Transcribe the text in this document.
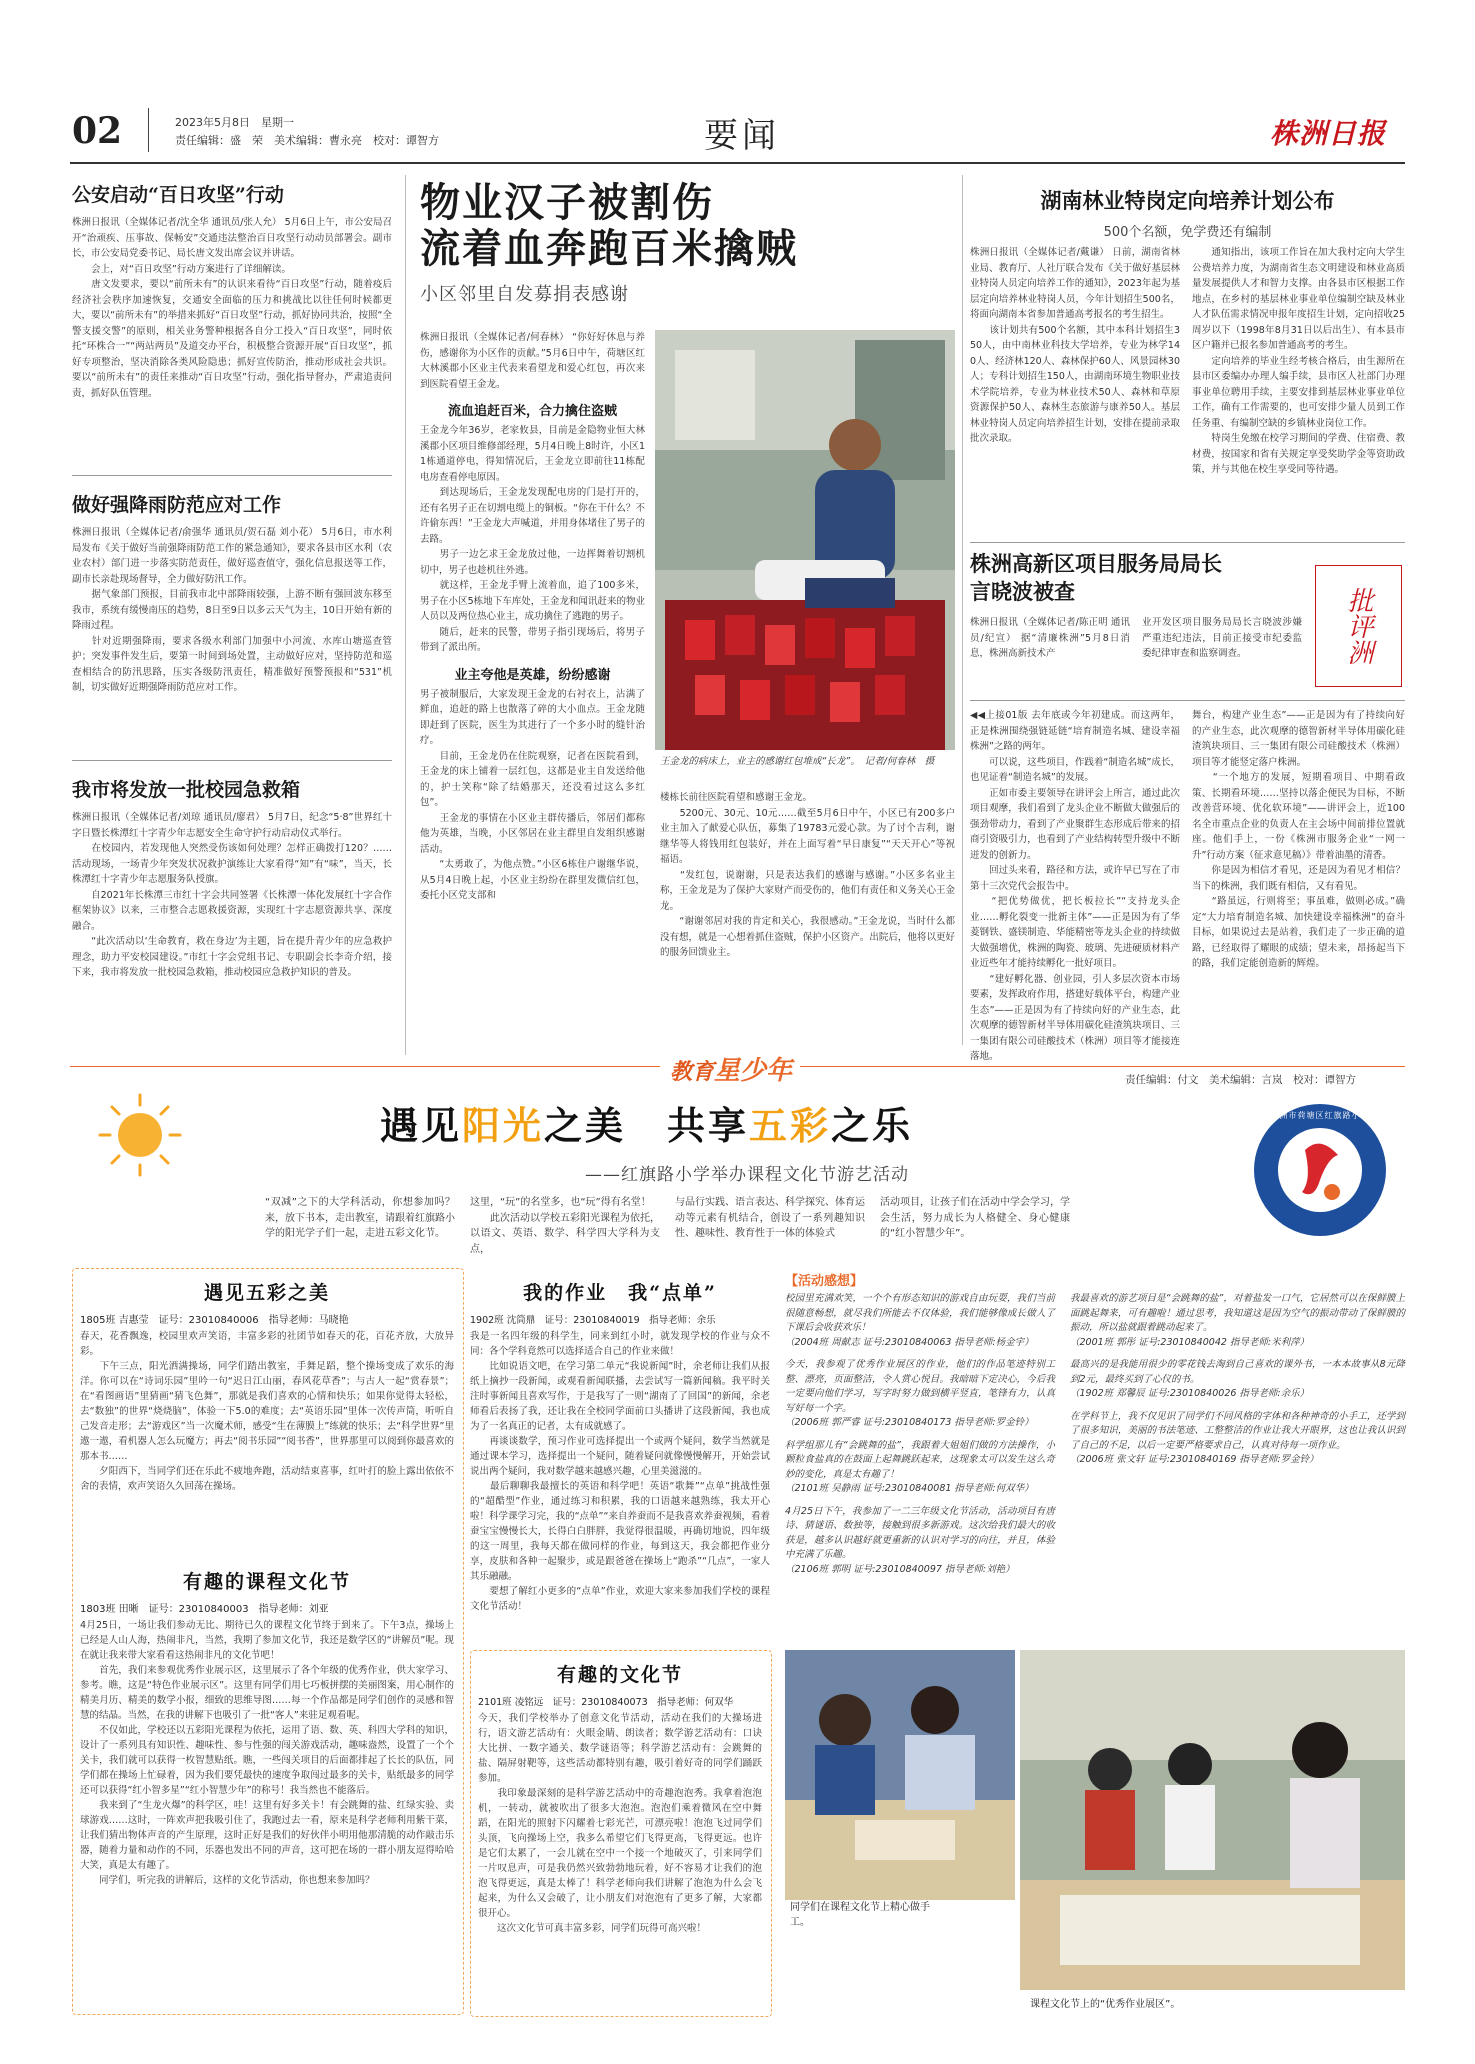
02	2023年5月8日　星期一
责任编辑：盛　荣　美术编辑：曹永亮　校对：谭智方	要闻	株洲日报
公安启动“百日攻坚”行动
株洲日报讯（全媒体记者/沈全华 通讯员/张人允） 5月6日上午，市公安局召开“治顽疾、压事故、保畅安”交通违法整治百日攻坚行动动员部署会。副市长，市公安局党委书记、局长唐文发出席会议并讲话。
　　会上，对“百日攻坚”行动方案进行了详细解读。
　　唐文发要求，要以“前所未有”的认识来看待“百日攻坚”行动，随着疫后经济社会秩序加速恢复，交通安全面临的压力和挑战比以往任何时候都更大，要以“前所未有”的举措来抓好“百日攻坚”行动，抓好协同共治，按照“全警支援交警”的原则，相关业务警种根据各自分工投入“百日攻坚”，同时依托“环株合一”“两站两员”及道交办平台，积极整合资源开展“百日攻坚”，抓好专项整治，坚决消除各类风险隐患；抓好宣传防治，推动形成社会共识。要以“前所未有”的责任来推动“百日攻坚”行动，强化指导督办，严肃追责问责，抓好队伍管理。
做好强降雨防范应对工作
株洲日报讯（全媒体记者/俞强华 通讯员/贺石磊 刘小花） 5月6日，市水利局发布《关于做好当前强降雨防范工作的紧急通知》，要求各县市区水利（农业农村）部门进一步落实防范责任，做好巡查值守，强化信息报送等工作，副市长亲赴现场督导，全力做好防汛工作。
　　据气象部门预报，目前我市北中部降雨较强，上游不断有强回波东移至我市，系统有缓慢南压的趋势，8日至9日以多云天气为主，10日开始有新的降雨过程。
　　针对近期强降雨，要求各级水利部门加强中小河流、水库山塘巡查管护；突发事件发生后，要第一时间到场处置，主动做好应对，坚持防范和巡查相结合的防汛思路，压实各级防汛责任，精准做好预警预报和“531”机制，切实做好近期强降雨防范应对工作。
我市将发放一批校园急救箱
株洲日报讯（全媒体记者/刘琼 通讯员/廖君） 5月7日，纪念“5·8”世界红十字日暨长株潭红十字青少年志愿安全生命守护行动启动仪式举行。
　　在校园内，若发现他人突然受伤该如何处理？怎样正确拨打120？……活动现场，一场青少年突发状况救护演练让大家看得“知”有“味”，当天，长株潭红十字青少年志愿服务队授旗。
　　自2021年长株潭三市红十字会共同签署《长株潭一体化发展红十字合作框架协议》以来，三市整合志愿救援资源，实现红十字志愿资源共享、深度融合。
　　“此次活动以‘生命教育，救在身边’为主题，旨在提升青少年的应急救护理念，助力平安校园建设。”市红十字会党组书记、专职副会长李奇介绍，接下来，我市将发放一批校园急救箱，推动校园应急救护知识的普及。
物业汉子被割伤
流着血奔跑百米擒贼
小区邻里自发募捐表感谢
株洲日报讯（全媒体记者/何春林） “你好好休息与养伤，感谢你为小区作的贡献。”5月6日中午，荷塘区红大林溪郡小区业主代表来看望龙和爱心红包，再次来到医院看望王金龙。
流血追赶百米，合力擒住盗贼
王金龙今年36岁，老家攸县，目前是金隐物业恒大林溪郡小区项目维修部经理，5月4日晚上8时许，小区11栋通道停电，得知情况后，王金龙立即前往11栋配电房查看停电原因。
　　到达现场后，王金龙发现配电房的门是打开的，还有名男子正在切割电缆上的铜板。“你在干什么？不许偷东西！”王金龙大声喊道，并用身体堵住了男子的去路。
　　男子一边乞求王金龙放过他，一边挥舞着切割机切中，男子也趁机往外逃。
　　就这样，王金龙手臂上流着血，追了100多米，男子在小区5栋地下车库处，王金龙和闻讯赶来的物业人员以及两位热心业主，成功擒住了逃跑的男子。
　　随后，赶来的民警，带男子指引现场后，将男子带到了派出所。
业主夸他是英雄，纷纷感谢
男子被制服后，大家发现王金龙的右衬衣上，沾满了鲜血，追赶的路上也散落了碎的大小血点。王金龙随即赶到了医院，医生为其进行了一个多小时的缝针治疗。
　　目前，王金龙仍在住院观察，记者在医院看到，王金龙的床上铺着一层红包，这都是业主自发送给他的，护士笑称“除了结婚那天，还没看过这么多红包”。
　　王金龙的事情在小区业主群传播后，邻居们都称他为英雄，当晚，小区邻居在业主群里自发组织感谢活动。
　　“太勇敢了，为他点赞。”小区6栋住户谢继华说，从5月4日晚上起，小区业主纷纷在群里发微信红包，委托小区党支部和
王金龙的病床上，业主的感谢红包堆成“长龙”。　记者/何春林　摄
楼栋长前往医院看望和感谢王金龙。
　　5200元、30元、10元……截至5月6日中午，小区已有200多户业主加入了献爱心队伍，募集了19783元爱心款。为了讨个吉利，谢继华等人将钱用红包装好，并在上面写着“早日康复”“天天开心”等祝福语。
　　“发红包，说谢谢，只是表达我们的感谢与感谢。”小区多名业主称，王金龙是为了保护大家财产而受伤的，他们有责任和义务关心王金龙。
　　“谢谢邻居对我的肯定和关心，我很感动。”王金龙说，当时什么都没有想，就是一心想着抓住盗贼，保护小区资产。出院后，他将以更好的服务回馈业主。
湖南林业特岗定向培养计划公布
500个名额，免学费还有编制
株洲日报讯（全媒体记者/戴谦） 日前，湖南省林业局、教育厅、人社厅联合发布《关于做好基层林业特岗人员定向培养工作的通知》，2023年起为基层定向培养林业特岗人员，今年计划招生500名，将面向湖南本省参加普通高考报名的考生招生。
　　该计划共有500个名额，其中本科计划招生350人，由中南林业科技大学培养，专业为林学140人、经济林120人、森林保护60人、风景园林30人；专科计划招生150人，由湖南环境生物职业技术学院培养，专业为林业技术50人、森林和草原资源保护50人、森林生态旅游与康养50人。基层林业特岗人员定向培养招生计划，安排在提前录取批次录取。
　　通知指出，该项工作旨在加大我村定向大学生公费培养力度，为湖南省生态文明建设和林业高质量发展提供人才和智力支撑。由各县市区根据工作地点，在乡村的基层林业事业单位编制空缺及林业人才队伍需求情况申报年度招生计划，定向招收25周岁以下（1998年8月31日以后出生）、有本县市区户籍并已报名参加普通高考的考生。
　　定向培养的毕业生经考核合格后，由生源所在县市区委编办办理人编手续，县市区人社部门办理事业单位聘用手续，主要安排到基层林业事业单位工作，确有工作需要的，也可安排少量人员到工作任务重、有编制空缺的乡镇林业岗位工作。
　　特岗生免缴在校学习期间的学费、住宿费、教材费，按国家和省有关规定享受奖助学金等资助政策，并与其他在校生享受同等待遇。
株洲高新区项目服务局局长
言晓波被查
株洲日报讯（全媒体记者/陈正明 通讯员/纪宣） 据“清廉株洲”5月8日消息，株洲高新技术产
业开发区项目服务局局长言晓波涉嫌严重违纪违法，目前正接受市纪委监委纪律审查和监察调查。	批评洲
◀◀上接01版 去年底或今年初建成。而这两年，正是株洲围绕强链延链“培育制造名城、建设幸福株洲”之路的两年。
　　可以说，这些项目，作践着“制造名城”成长，也见证着“制造名城”的发展。
　　正如市委主要领导在讲评会上所言，通过此次项目观摩，我们看到了龙头企业不断做大做强后的强劲带动力，看到了产业聚群生态形成后带来的招商引资吸引力，也看到了产业结构转型升级中不断迸发的创新力。
　　回过头来看，路径和方法，或许早已写在了市第十三次党代会报告中。
　　“把优势做优，把长板拉长”“支持龙头企业……孵化裂变一批新主体”——正是因为有了华菱钢铁、盛镁制造、华能精密等龙头企业的持续做大做强增优，株洲的陶瓷、玻璃、先进硬质材料产业近些年才能持续孵化一批好项目。
　　“建好孵化器、创业园，引人多层次资本市场要素，发挥政府作用，搭建好载体平台，构建产业生态”——正是因为有了持续向好的产业生态，此次观摩的德智新材半导体用碳化硅渣筑块项目、三一集团有限公司硅酸技术（株洲）项目等才能接连落地。
舞台，构建产业生态”——正是因为有了持续向好的产业生态，此次观摩的德智新材半导体用碳化硅渣筑块项目、三一集团有限公司硅酸技术（株洲）项目等才能竖定落户株洲。
　　“一个地方的发展，短期看项目、中期看政策、长期看环境……坚持以落企便民为目标，不断改善营环境、优化软环境”——讲评会上，近100名全市重点企业的负责人在主会场中间前排位置就座。他们手上，一份《株洲市服务企业“一网一升”行动方案（征求意见稿）》带着油墨的清香。
　　你是因为相信才看见，还是因为看见才相信？当下的株洲，我们既有相信，又有看见。
　　“路虽远，行则将至；事虽难，做则必成。”确定“大力培育制造名城、加快建设幸福株洲”的奋斗目标，如果说过去是站着，我们走了一步正确的道路，已经取得了耀眼的成绩；望未来，昂扬起当下的路，我们定能创造新的辉煌。
教育星少年	责任编辑：付文　美术编辑：言岚　校对：谭智方
遇见阳光之美　共享五彩之乐
——红旗路小学举办课程文化节游艺活动
株洲市荷塘区红旗路小学
“双减”之下的大学科活动，你想参加吗？来，放下书本，走出教室，请跟着红旗路小学的阳光学子们一起，走进五彩文化节。
这里，“玩”的名堂多，也“玩”得有名堂！
　　此次活动以学校五彩阳光课程为依托，以语文、英语、数学、科学四大学科为支点，
与品行实践、语言表达、科学探究、体育运动等元素有机结合，创设了一系列趣知识性、趣味性、教育性于一体的体验式
活动项目，让孩子们在活动中学会学习，学会生活，努力成长为人格健全、身心健康的“红小智慧少年”。
遇见五彩之美
1805班 吉惠莹　证号：23010840006　指导老师：马晓艳
春天，花香飘逸，校园里欢声笑语，丰富多彩的社团节如春天的花，百花齐放，大放异彩。
　　下午三点，阳光洒满操场，同学们踏出教室，手舞足蹈，整个操场变成了欢乐的海洋。你可以在“诗词乐园”里吟一句“迟日江山丽，春风花草香”；与古人一起“赏春景”；在“看图画语”里猜画“猜飞色舞”，那就是我们喜欢的心情和快乐；如果你觉得太轻松，去“数独”的世界“烧烧脑”，体验一下5.0的难度；去“英语乐园”里体一次传声筒，听听自己发音走形；去“游戏区”当一次魔术师，感受“生在薄膜上”练就的快乐；去“科学世界”里遨一遨，看机器人怎么玩魔方；再去“阅书乐园”“阅书香”，世界那里可以阅到你最喜欢的那本书……
　　夕阳西下，当同学们还在乐此不疲地奔跑，活动结束喜事，红叶打的脸上露出依依不舍的表情，欢声笑语久久回荡在操场。
有趣的课程文化节
1803班 田晰　证号：23010840003　指导老师：刘亚
4月25日，一场让我们参动无比、期待已久的课程文化节终于到来了。下午3点，操场上已经是人山人海，热闹非凡，当然，我期了参加文化节，我还是数学区的“讲解员”呢。现在就让我来带大家看看这热闹非凡的文化节吧！
　　首先，我们来参观优秀作业展示区，这里展示了各个年级的优秀作业，供大家学习、参考。瞧，这是“特色作业展示区”。这里有同学们用七巧板拼摆的美丽图案，用心制作的精美月历、精美的数学小报，细致的思维导图……每一个作品都是同学们创作的灵感和智慧的结晶。当然，在我的讲解下也吸引了一批“客人”来驻足观看呢。
　　不仅如此，学校还以五彩阳光课程为依托，运用了语、数、英、科四大学科的知识，设计了一系列具有知识性、趣味性、参与性强的闯关游戏活动，趣味盎然，设置了一个个关卡，我们就可以获得一枚智慧贴纸。瞧，一些闯关项目的后面都排起了长长的队伍，同学们都在操场上忙碌着，因为我们要凭最快的速度争取闯过最多的关卡，贴纸最多的同学还可以获得“红小智多星”“红小智慧少年”的称号！我当然也不能落后。
　　我来到了“生龙火爆”的科学区，哇！这里有好多关卡！有会跳舞的盐、红绿实验、卖球游戏……这时，一阵欢声把我吸引住了，我跑过去一看，原来是科学老师利用紫干菜，让我们猜出物体声音的产生原理，这时正好是我们的好伙伴小明用他那清脆的动作敲击乐器，随着力量和动作的不同，乐器也发出不同的声音，这可把在场的一群小朋友逗得哈哈大笑，真是太有趣了。
　　同学们，听完我的讲解后，这样的文化节活动，你也想来参加吗？
我的作业　我“点单”
1902班 沈筒鼎　证号：23010840019　指导老师：余乐
我是一名四年级的科学生，同来到红小时，就发现学校的作业与众不同：各个学科竟然可以选择适合自己的作业来做！
　　比如说语文吧，在学习第二单元“我说新闻”时，余老师让我们从报纸上摘抄一段新闻，或观看新闻联播，去尝试写一篇新闻稿。我平时关注时事新闻且喜欢写作，于是我写了一则“湖南了了回国”的新闻，余老师看后表扬了我，还让我在全校同学面前口头播讲了这段新闻，我也成为了一名真正的记者，太有成就感了。
　　再谈谈数学，预习作业可选择提出一个或两个疑问，数学当然就是通过课本学习，选择提出一个疑问，随着疑问就像慢慢解开，开始尝试说出两个疑问，我对数学越来越感兴趣，心里美滋滋的。
　　最后聊聊我最擅长的英语和科学吧！英语“歌舞”“点单”挑战性强的“超酷型”作业，通过练习和积累，我的口语越来越熟练，我太开心啦！科学课学习完，我的“点单”“来自养蚕而不是我喜欢养蚕视频，看着蚕宝宝慢慢长大，长得白白胖胖，我觉得很温暖，再确切地说，四年级的这一周里，我每天都在做同样的作业，每到这天，我会都把作业分享，皮肤和各种一起聚步，或是跟爸爸在操场上“跑杀”“几点”，一家人其乐融融。
　　要想了解红小更多的“点单”作业，欢迎大家来参加我们学校的课程文化节活动！
有趣的文化节
2101班 凌铭远　证号：23010840073　指导老师：何双华
今天，我们学校举办了创意文化节活动，活动在我们的大操场进行，语文游艺活动有：火眼金睛、朗读者；数学游艺活动有：口诀大比拼、一数字通关、数学谜语等；科学游艺活动有：会跳舞的盐、隔屏射靶等，这些活动都特别有趣，吸引着好奇的同学们踊跃参加。
　　我印象最深刻的是科学游艺活动中的奇趣泡泡秀。我拿着泡泡机，一转动，就被吹出了很多大泡泡。泡泡们乘着微风在空中舞蹈，在阳光的照射下闪耀着七彩光芒，可漂亮啦！泡泡飞过同学们头顶，飞向操场上空，我多么希望它们飞得更高，飞得更远。也许是它们太累了，一会儿就在空中一个接一个地破灭了，引来同学们一片叹息声，可是我仍然兴致勃勃地玩着，好不容易才让我们的泡泡飞得更远，真是太棒了！科学老师向我们讲解了泡泡为什么会飞起来，为什么又会破了，让小朋友们对泡泡有了更多了解，大家都很开心。
　　这次文化节可真丰富多彩，同学们玩得可高兴啦！
【活动感想】
校园里充满欢笑，一个个有形态知识的游戏自由玩耍，我们当前很随意畅想，就尽我们所能去不仅体验，我们能够像成长做人了下课后会收获欢乐！
（2004班 周献志 证号:23010840063 指导老师:杨金宇）
今天，我参观了优秀作业展区的作业，他们的作品笔迹特别工整、漂亮，页面整洁，令人赏心悦目。我暗暗下定决心，今后我一定要向他们学习，写字时努力做到横平竖直，笔锋有力，认真写好每一个字。
（2006班 郭严睿 证号:23010840173 指导老师:罗金铃）
科学组那儿有“会跳舞的盐”，我跟着大姐姐们做的方法操作，小颗粒食盐真的在鼓面上起舞跳跃起来，这现象太可以发生这么奇妙的变化，真是太有趣了！
（2101班 吴静雨 证号:23010840081 指导老师:何双华）
4月25日下午，我参加了一二三年级文化节活动，活动项目有唐诗、猜谜语、数独等，接触到很多新游戏。这次给我们最大的收获是，越多认识越好就更重新的认识对学习的向往，并且，体验中充满了乐趣。
（2106班 郭明 证号:23010840097 指导老师:刘艳）
我最喜欢的游艺项目是“会跳舞的盐”，对着盐发一口气，它居然可以在保鲜膜上面跳起舞来，可有趣啦！通过思考，我知道这是因为空气的振动带动了保鲜膜的振动，所以盐就跟着跳动起来了。
（2001班 郭彤 证号:23010840042 指导老师:米利萍）
最高兴的是我能用很少的零花钱去淘到自己喜欢的课外书，一本本故事从8元降到2元，最终买到了心仪的书。
（1902班 郑馨辰 证号:23010840026 指导老师:余乐）
在学科节上，我不仅见识了同学们不同风格的字体和各种神奇的小手工，还学到了很多知识，美丽的书法笔迹、工整整洁的作业让我大开眼界，这也让我认识到了自己的不足，以后一定要严格要求自己，认真对待每一项作业。
（2006班 张文轩 证号:23010840169 指导老师:罗金铃）
同学们在课程文化节上精心做手工。
课程文化节上的“优秀作业展区”。
